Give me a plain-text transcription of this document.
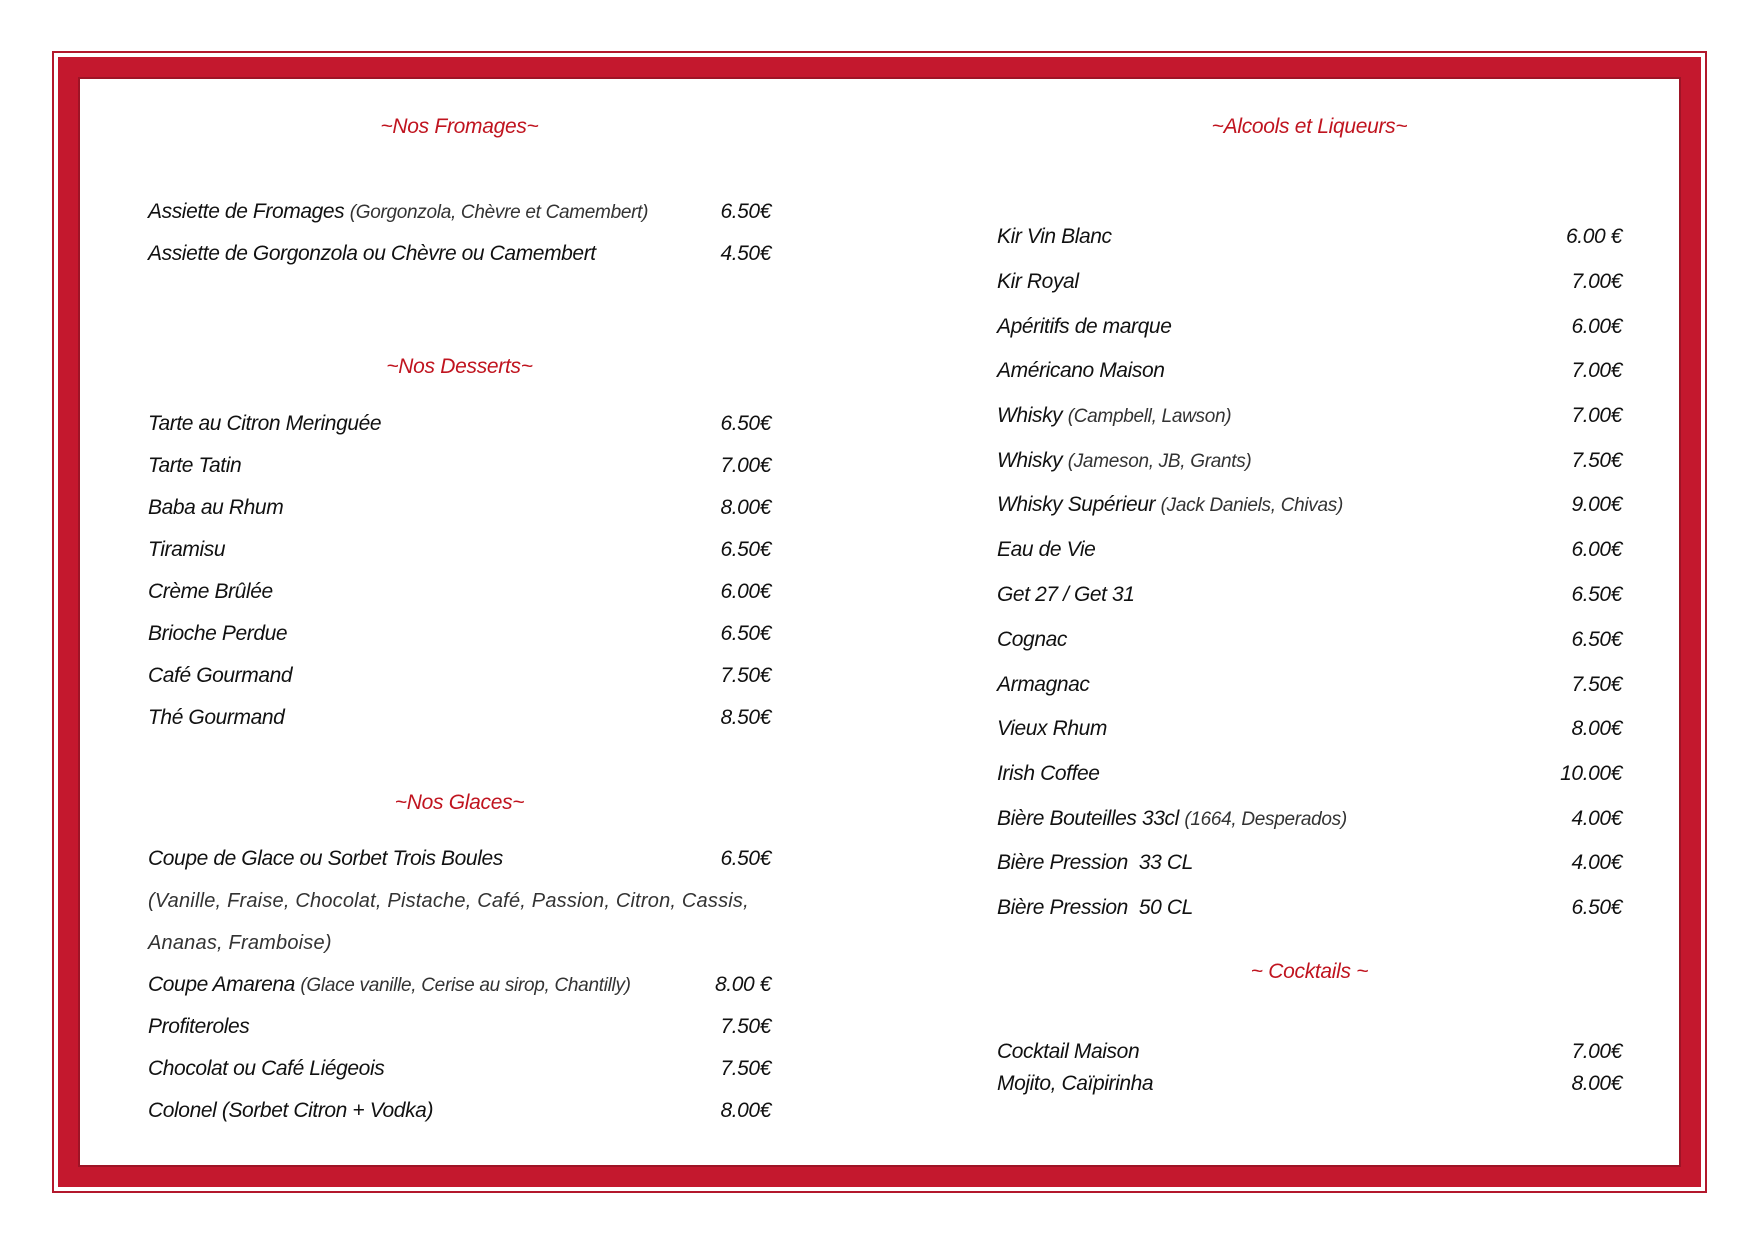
~Nos Fromages~
Assiette de Fromages (Gorgonzola, Chèvre et Camembert)	6.50€
Assiette de Gorgonzola ou Chèvre ou Camembert	4.50€
~Nos Desserts~
Tarte au Citron Meringuée	6.50€
Tarte Tatin	7.00€
Baba au Rhum	8.00€
Tiramisu	6.50€
Crème Brûlée	6.00€
Brioche Perdue	6.50€
Café Gourmand	7.50€
Thé Gourmand	8.50€
~Nos Glaces~
Coupe de Glace ou Sorbet Trois Boules	6.50€
(Vanille, Fraise, Chocolat, Pistache, Café, Passion, Citron, Cassis,
Ananas, Framboise)
Coupe Amarena (Glace vanille, Cerise au sirop, Chantilly)	8.00 €
Profiteroles	7.50€
Chocolat ou Café Liégeois	7.50€
Colonel (Sorbet Citron + Vodka)	8.00€
~Alcools et Liqueurs~
Kir Vin Blanc	6.00 €
Kir Royal	7.00€
Apéritifs de marque	6.00€
Américano Maison	7.00€
Whisky (Campbell, Lawson)	7.00€
Whisky (Jameson, JB, Grants)	7.50€
Whisky Supérieur (Jack Daniels, Chivas)	9.00€
Eau de Vie	6.00€
Get 27 / Get 31	6.50€
Cognac	6.50€
Armagnac	7.50€
Vieux Rhum	8.00€
Irish Coffee	10.00€
Bière Bouteilles 33cl (1664, Desperados)	4.00€
Bière Pression  33 CL	4.00€
Bière Pression  50 CL	6.50€
~ Cocktails ~
Cocktail Maison	7.00€
Mojito, Caïpirinha	8.00€
